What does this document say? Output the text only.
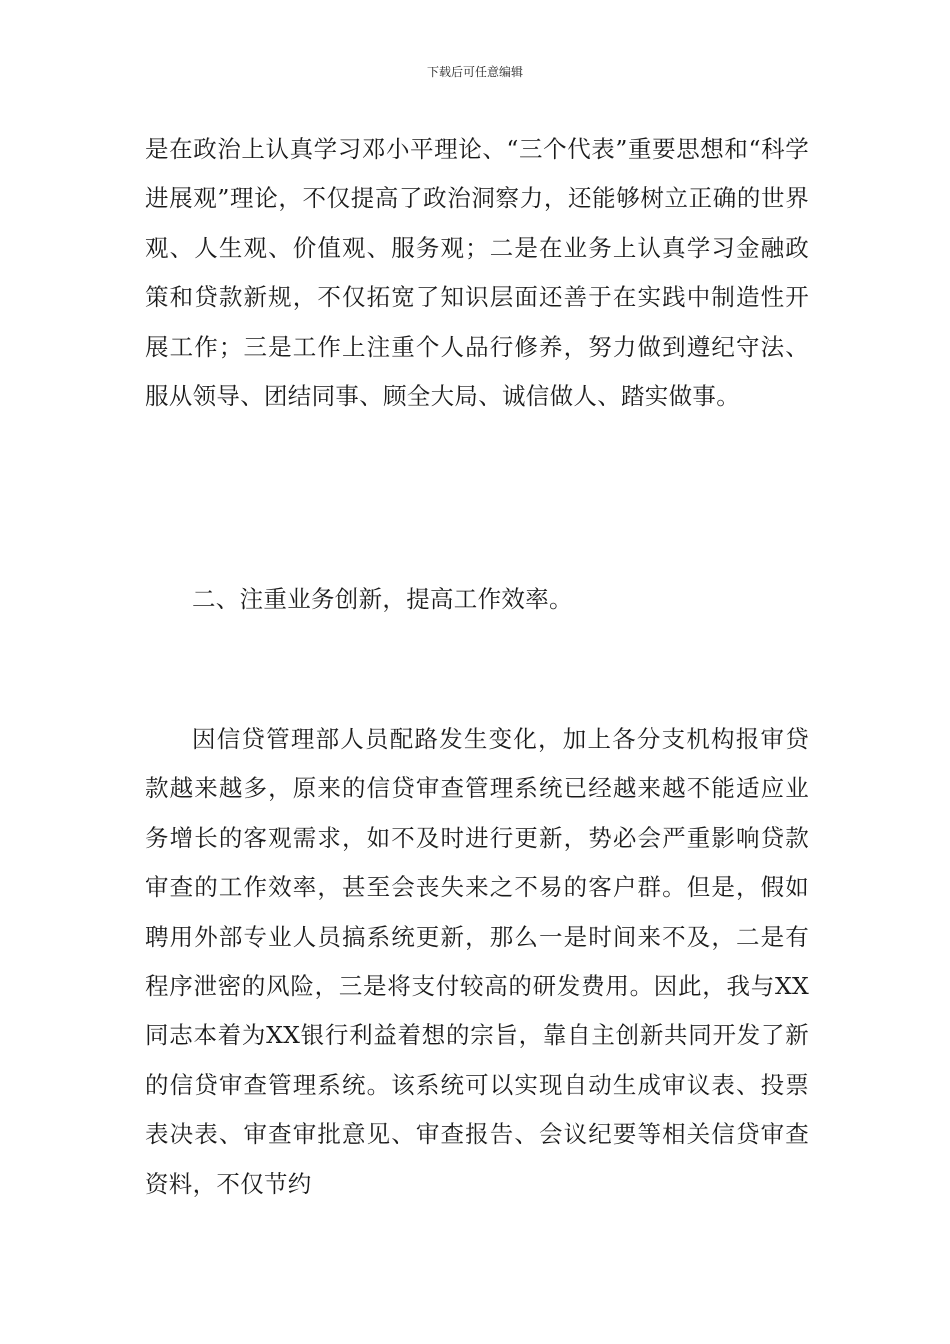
下载后可任意编辑

是在政治上认真学习邓小平理论、“三个代表”重要思想和“科学进展观”理论，不仅提高了政治洞察力，还能够树立正确的世界观、人生观、价值观、服务观；二是在业务上认真学习金融政策和贷款新规，不仅拓宽了知识层面还善于在实践中制造性开展工作；三是工作上注重个人品行修养，努力做到遵纪守法、服从领导、团结同事、顾全大局、诚信做人、踏实做事。

二、注重业务创新，提高工作效率。

因信贷管理部人员配路发生变化，加上各分支机构报审贷款越来越多，原来的信贷审查管理系统已经越来越不能适应业务增长的客观需求，如不及时进行更新，势必会严重影响贷款审查的工作效率，甚至会丧失来之不易的客户群。但是，假如聘用外部专业人员搞系统更新，那么一是时间来不及，二是有程序泄密的风险，三是将支付较高的研发费用。因此，我与XX同志本着为XX银行利益着想的宗旨，靠自主创新共同开发了新的信贷审查管理系统。该系统可以实现自动生成审议表、投票表决表、审查审批意见、审查报告、会议纪要等相关信贷审查资料，不仅节约
